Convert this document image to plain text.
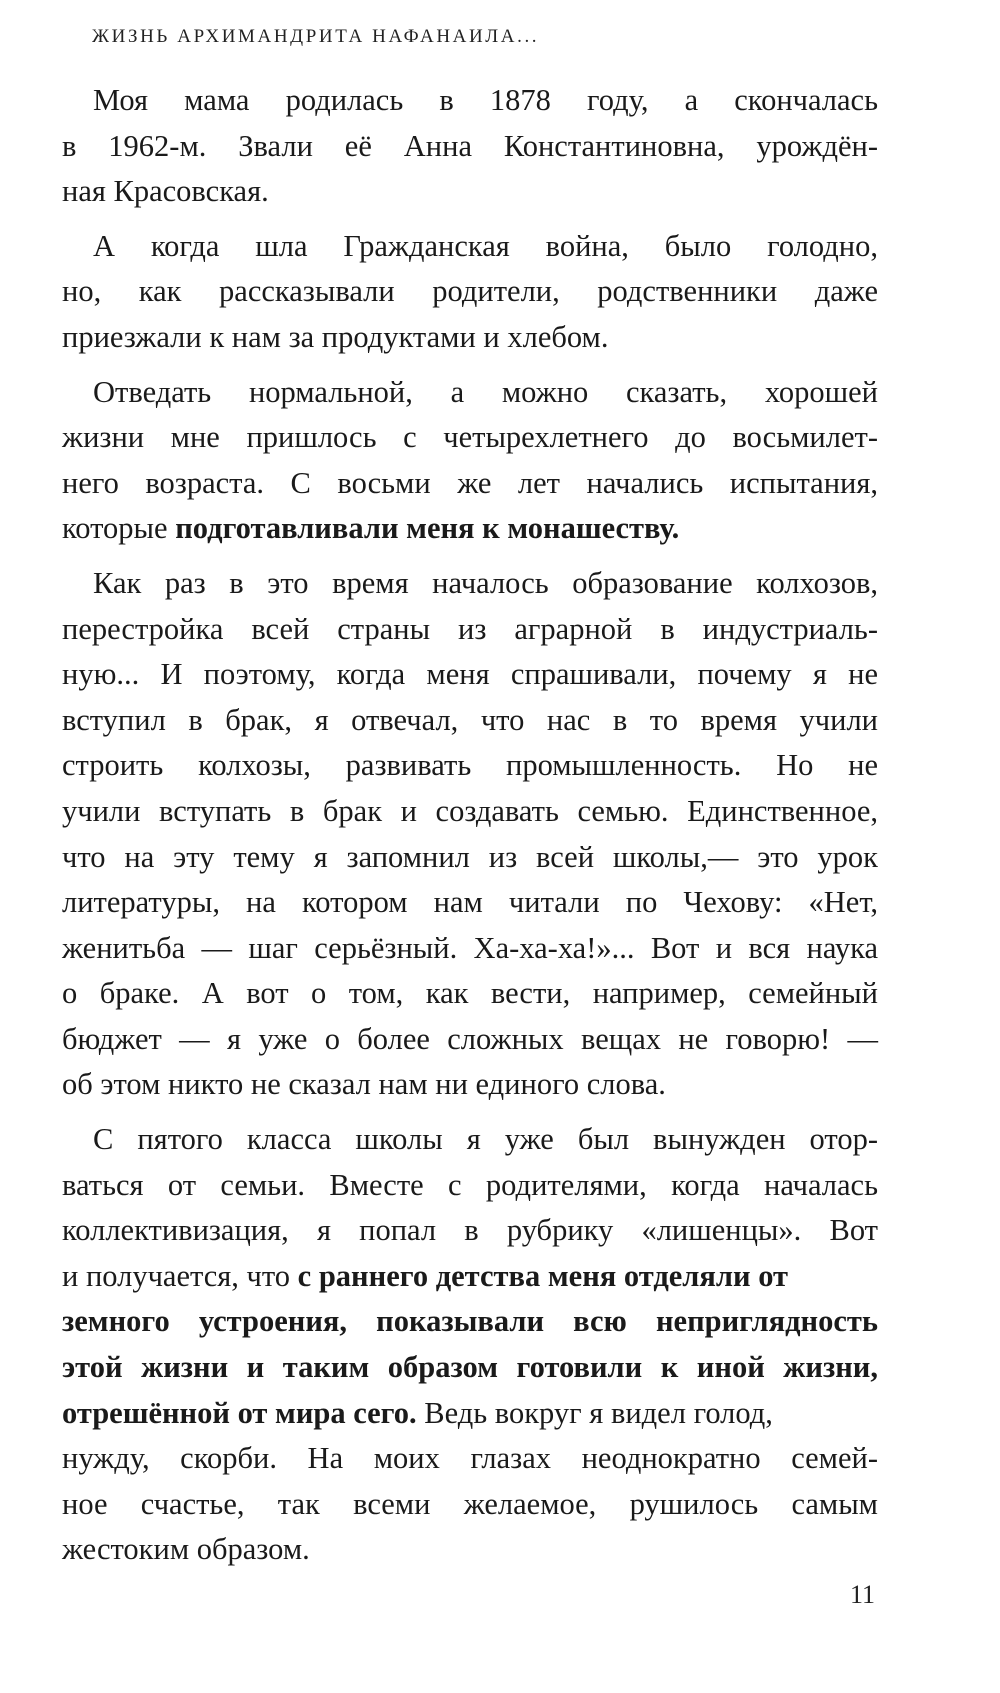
ЖИЗНЬ АРХИМАНДРИТА НАФАНАИЛА...
Моя мама родилась в 1878 году, а скончалась
в 1962-м. Звали её Анна Константиновна, урождён-
ная Красовская.
А когда шла Гражданская война, было голодно,
но, как рассказывали родители, родственники даже
приезжали к нам за продуктами и хлебом.
Отведать нормальной, а можно сказать, хорошей
жизни мне пришлось с четырехлетнего до восьмилет-
него возраста. С восьми же лет начались испытания,
которые подготавливали меня к монашеству.
Как раз в это время началось образование колхозов,
перестройка всей страны из аграрной в индустриаль-
ную... И поэтому, когда меня спрашивали, почему я не
вступил в брак, я отвечал, что нас в то время учили
строить колхозы, развивать промышленность. Но не
учили вступать в брак и создавать семью. Единственное,
что на эту тему я запомнил из всей школы,— это урок
литературы, на котором нам читали по Чехову: «Нет,
женитьба — шаг серьёзный. Ха-ха-ха!»... Вот и вся наука
о браке. А вот о том, как вести, например, семейный
бюджет — я уже о более сложных вещах не говорю! —
об этом никто не сказал нам ни единого слова.
С пятого класса школы я уже был вынужден отор-
ваться от семьи. Вместе с родителями, когда началась
коллективизация, я попал в рубрику «лишенцы». Вот
и получается, что с раннего детства меня отделяли от
земного устроения, показывали всю неприглядность
этой жизни и таким образом готовили к иной жизни,
отрешённой от мира сего. Ведь вокруг я видел голод,
нужду, скорби. На моих глазах неоднократно семей-
ное счастье, так всеми желаемое, рушилось самым
жестоким образом.
11
